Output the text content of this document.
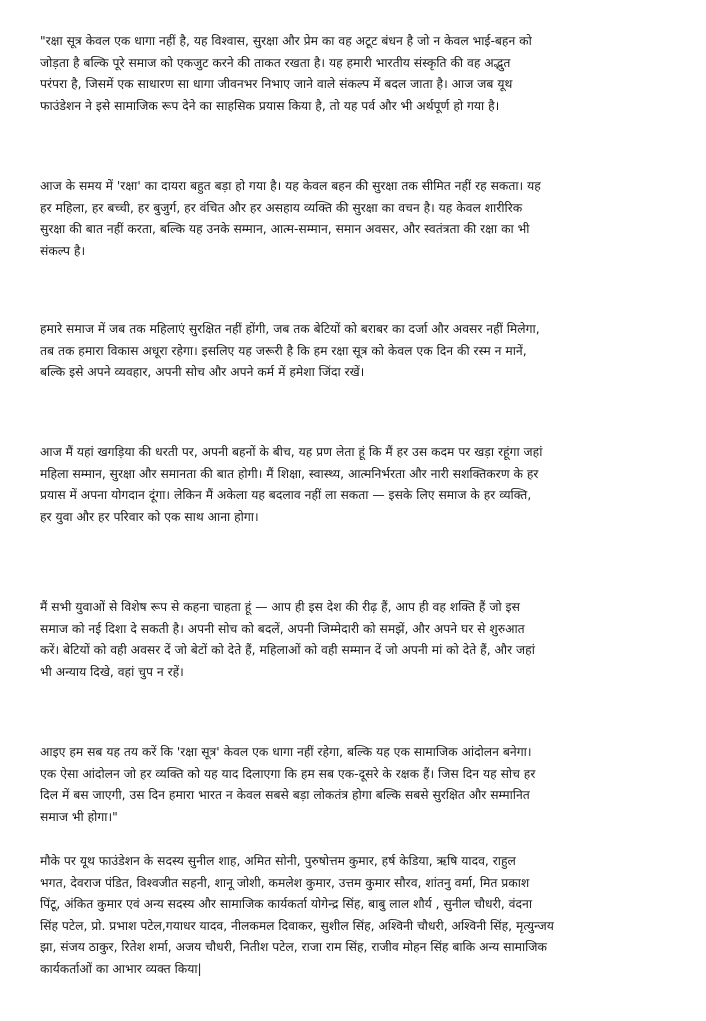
"रक्षा सूत्र केवल एक धागा नहीं है, यह विश्वास, सुरक्षा और प्रेम का वह अटूट बंधन है जो न केवल भाई-बहन को
जोड़ता है बल्कि पूरे समाज को एकजुट करने की ताकत रखता है। यह हमारी भारतीय संस्कृति की वह अद्भुत
परंपरा है, जिसमें एक साधारण सा धागा जीवनभर निभाए जाने वाले संकल्प में बदल जाता है। आज जब यूथ
फाउंडेशन ने इसे सामाजिक रूप देने का साहसिक प्रयास किया है, तो यह पर्व और भी अर्थपूर्ण हो गया है।

आज के समय में 'रक्षा' का दायरा बहुत बड़ा हो गया है। यह केवल बहन की सुरक्षा तक सीमित नहीं रह सकता। यह
हर महिला, हर बच्ची, हर बुजुर्ग, हर वंचित और हर असहाय व्यक्ति की सुरक्षा का वचन है। यह केवल शारीरिक
सुरक्षा की बात नहीं करता, बल्कि यह उनके सम्मान, आत्म-सम्मान, समान अवसर, और स्वतंत्रता की रक्षा का भी
संकल्प है।

हमारे समाज में जब तक महिलाएं सुरक्षित नहीं होंगी, जब तक बेटियों को बराबर का दर्जा और अवसर नहीं मिलेगा,
तब तक हमारा विकास अधूरा रहेगा। इसलिए यह जरूरी है कि हम रक्षा सूत्र को केवल एक दिन की रस्म न मानें,
बल्कि इसे अपने व्यवहार, अपनी सोच और अपने कर्म में हमेशा जिंदा रखें।

आज मैं यहां खगड़िया की धरती पर, अपनी बहनों के बीच, यह प्रण लेता हूं कि मैं हर उस कदम पर खड़ा रहूंगा जहां
महिला सम्मान, सुरक्षा और समानता की बात होगी। मैं शिक्षा, स्वास्थ्य, आत्मनिर्भरता और नारी सशक्तिकरण के हर
प्रयास में अपना योगदान दूंगा। लेकिन मैं अकेला यह बदलाव नहीं ला सकता — इसके लिए समाज के हर व्यक्ति,
हर युवा और हर परिवार को एक साथ आना होगा।

मैं सभी युवाओं से विशेष रूप से कहना चाहता हूं — आप ही इस देश की रीढ़ हैं, आप ही वह शक्ति हैं जो इस
समाज को नई दिशा दे सकती है। अपनी सोच को बदलें, अपनी जिम्मेदारी को समझें, और अपने घर से शुरुआत
करें। बेटियों को वही अवसर दें जो बेटों को देते हैं, महिलाओं को वही सम्मान दें जो अपनी मां को देते हैं, और जहां
भी अन्याय दिखे, वहां चुप न रहें।

आइए हम सब यह तय करें कि 'रक्षा सूत्र' केवल एक धागा नहीं रहेगा, बल्कि यह एक सामाजिक आंदोलन बनेगा।
एक ऐसा आंदोलन जो हर व्यक्ति को यह याद दिलाएगा कि हम सब एक-दूसरे के रक्षक हैं। जिस दिन यह सोच हर
दिल में बस जाएगी, उस दिन हमारा भारत न केवल सबसे बड़ा लोकतंत्र होगा बल्कि सबसे सुरक्षित और सम्मानित
समाज भी होगा।"

मौके पर यूथ फाउंडेशन के सदस्य सुनील शाह, अमित सोनी, पुरुषोत्तम कुमार, हर्ष केडिया, ऋषि यादव, राहुल
भगत, देवराज पंडित, विश्वजीत सहनी, शानू जोशी, कमलेश कुमार, उत्तम कुमार सौरव, शांतनु वर्मा, मित प्रकाश
पिंटू, अंकित कुमार एवं अन्य सदस्य और सामाजिक कार्यकर्ता योगेन्द्र सिंह, बाबु लाल शौर्य , सुनील चौधरी, वंदना
सिंह पटेल, प्रो. प्रभाश पटेल,गयाधर यादव, नीलकमल दिवाकर, सुशील सिंह, अश्विनी चौधरी, अश्विनी सिंह, मृत्युन्जय
झा, संजय ठाकुर, रितेश शर्मा, अजय चौधरी, नितीश पटेल, राजा राम सिंह, राजीव मोहन सिंह बाकि अन्य सामाजिक
कार्यकर्ताओं का आभार व्यक्त किया|
